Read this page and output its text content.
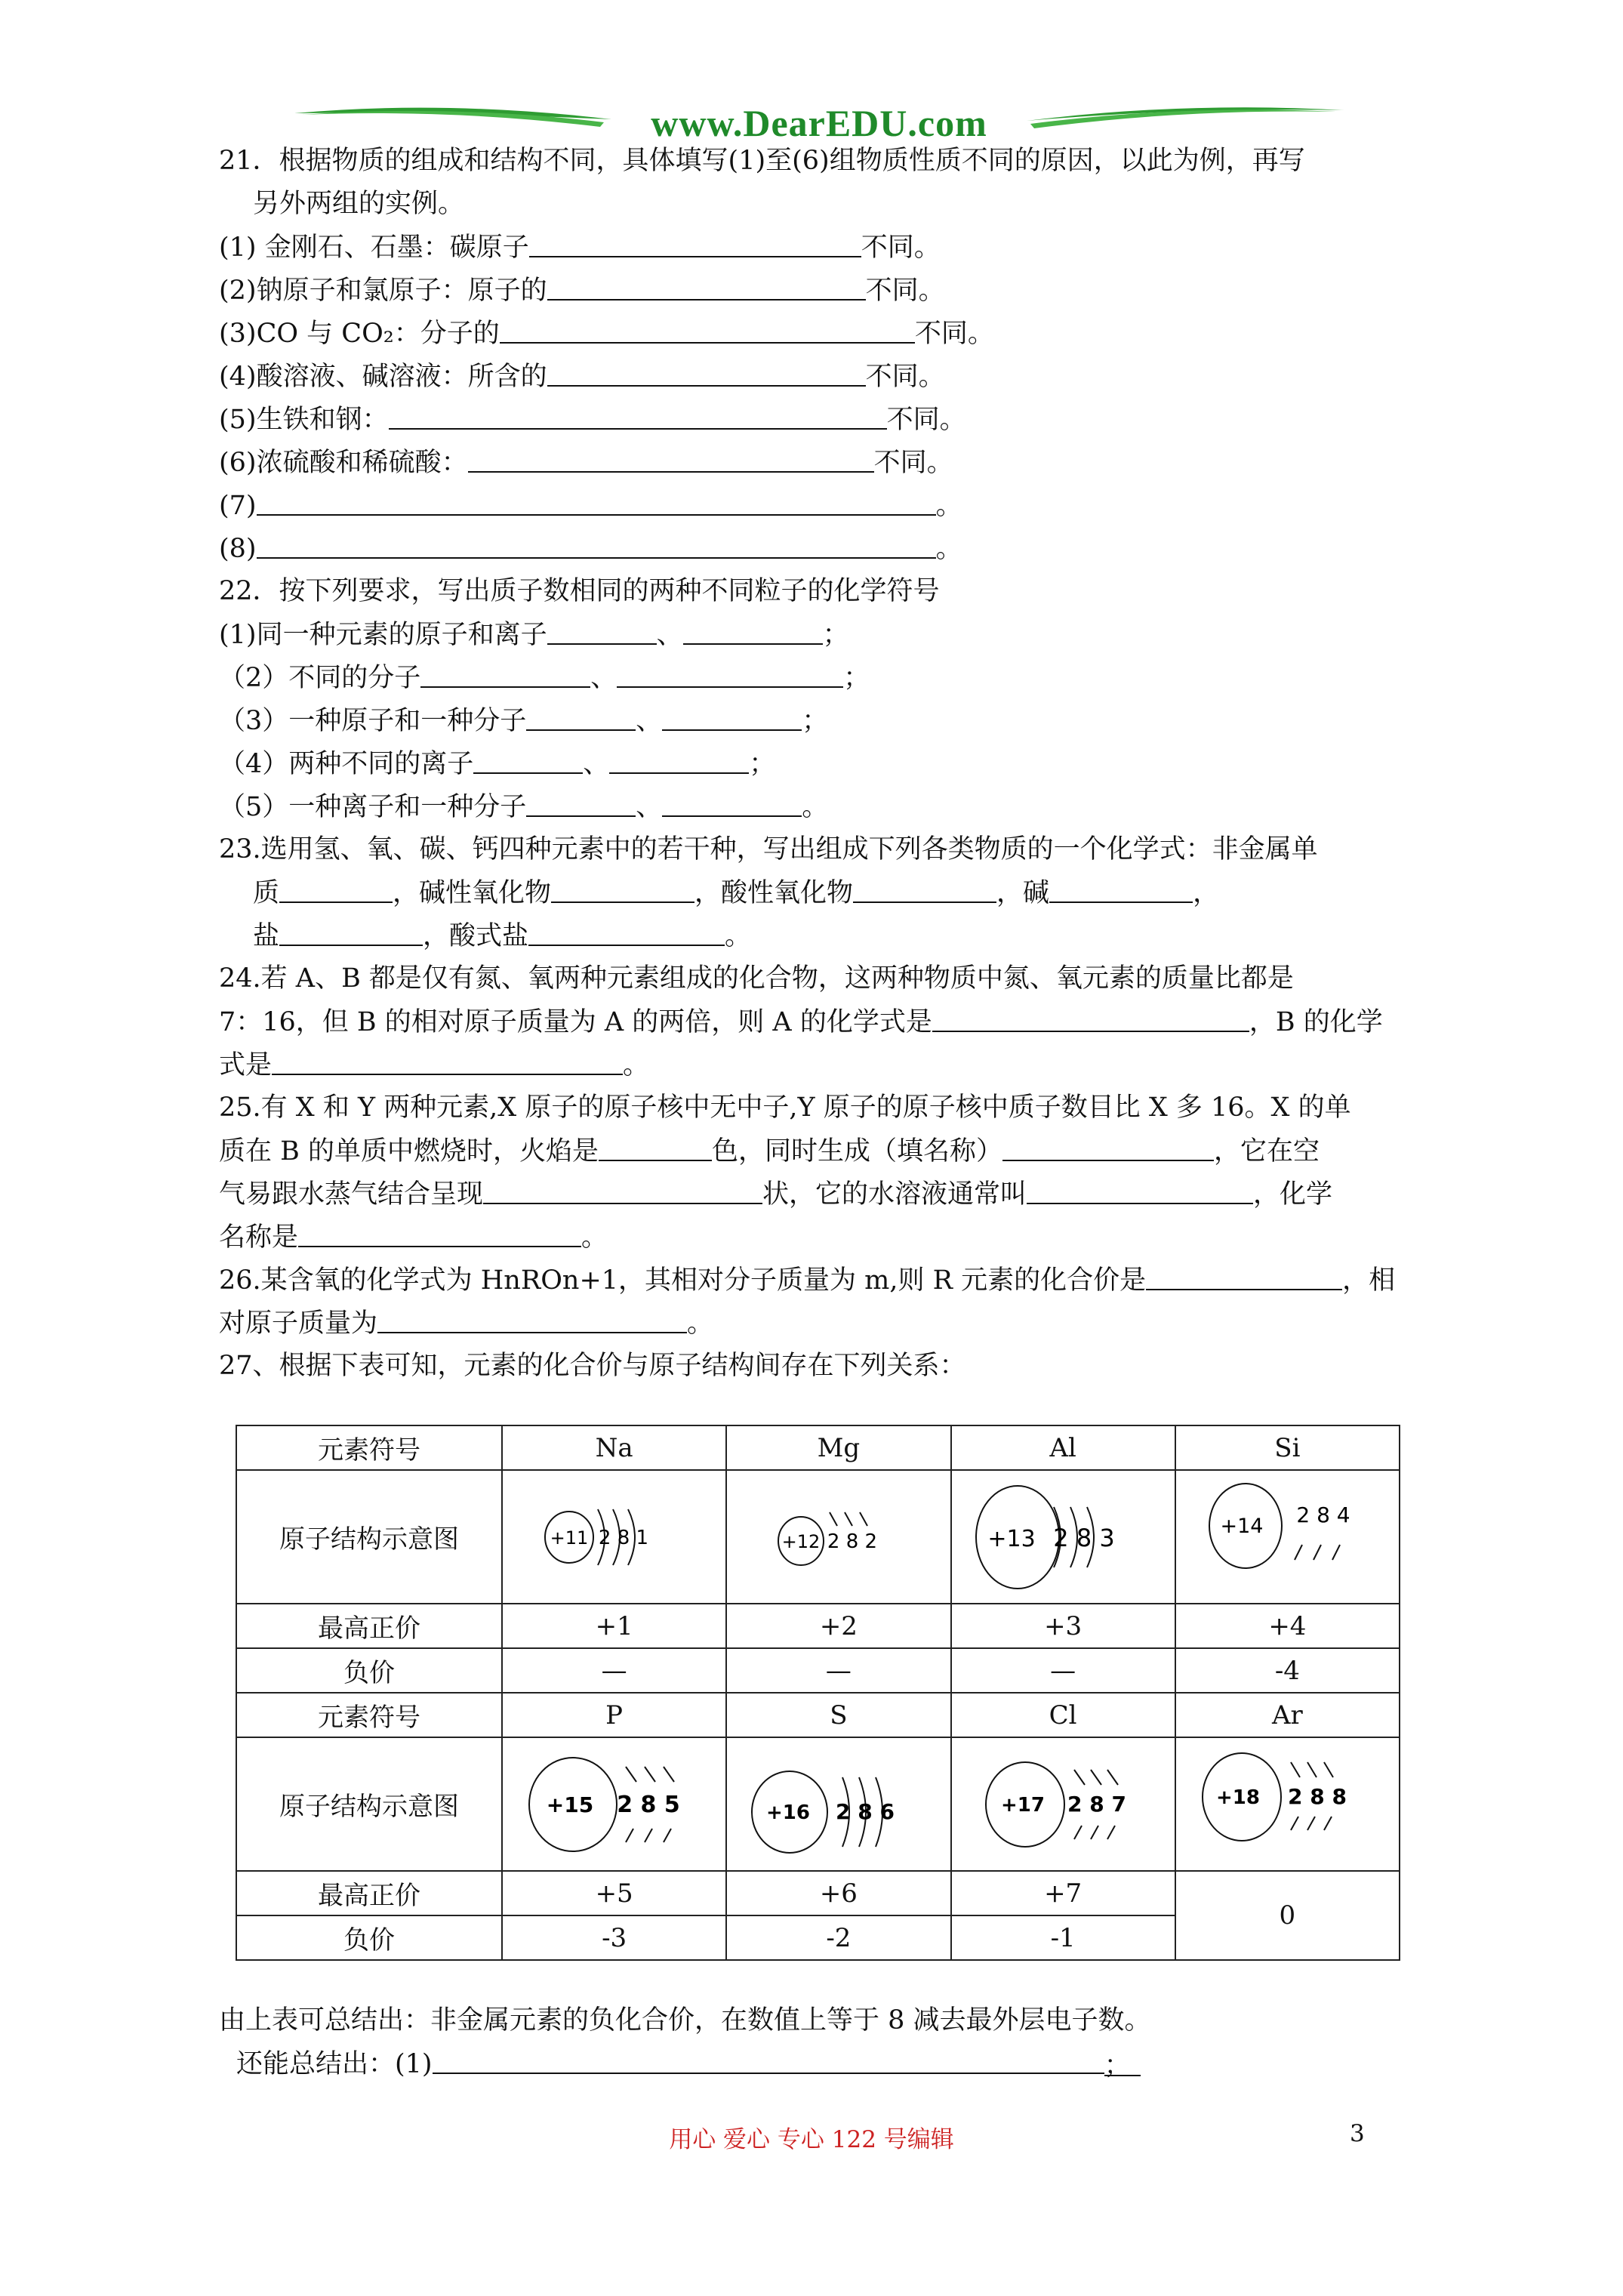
www.DearEDU.com
21．根据物质的组成和结构不同，具体填写(1)至(6)组物质性质不同的原因，以此为例，再写
另外两组的实例。
(1) 金刚石、石墨：碳原子	不同。
(2)钠原子和氯原子：原子的	不同。
(3)CO 与 CO₂：分子的	不同。
(4)酸溶液、碱溶液：所含的	不同。
(5)生铁和钢：	不同。
(6)浓硫酸和稀硫酸：	不同。
(7)	。
(8)	。
22．按下列要求，写出质子数相同的两种不同粒子的化学符号
(1)同一种元素的原子和离子	、	；
（2）不同的分子	、	；
（3）一种原子和一种分子	、	；
（4）两种不同的离子	、	；
（5）一种离子和一种分子	、	。
23.选用氢、氧、碳、钙四种元素中的若干种，写出组成下列各类物质的一个化学式：非金属单
质	，碱性氧化物	，酸性氧化物	，碱	，
盐	，酸式盐	。
24.若 A、B 都是仅有氮、氧两种元素组成的化合物，这两种物质中氮、氧元素的质量比都是
7：16，但 B 的相对原子质量为 A 的两倍，则 A 的化学式是	，B 的化学
式是	。
25.有 X 和 Y 两种元素,X 原子的原子核中无中子,Y 原子的原子核中质子数目比 X 多 16。X 的单
质在 B 的单质中燃烧时，火焰是	色，同时生成（填名称）	，它在空
气易跟水蒸气结合呈现	状，它的水溶液通常叫	，化学
名称是	。
26.某含氧的化学式为 HnROn+1，其相对分子质量为 m,则 R 元素的化合价是	，相
对原子质量为	。
27、根据下表可知，元素的化合价与原子结构间存在下列关系：
元素符号	Na	Mg	Al	Si
原子结构示意图	+11 2 8 1	+12 2 8 2	+13 2 8 3	+14 2 8 4

最高正价	+1	+2	+3	+4
负价	—	—	—	-4
元素符号	P	S	Cl	Ar
原子结构示意图	+15 2 8 5	+16 2 8 6	+17 2 8 7	+18 2 8 8

最高正价	+5	+6	+7	0
负价	-3	-2	-1	
由上表可总结出：非金属元素的负化合价，在数值上等于 8 减去最外层电子数。
还能总结出：(1)	；
用心 爱心 专心 122 号编辑	3
